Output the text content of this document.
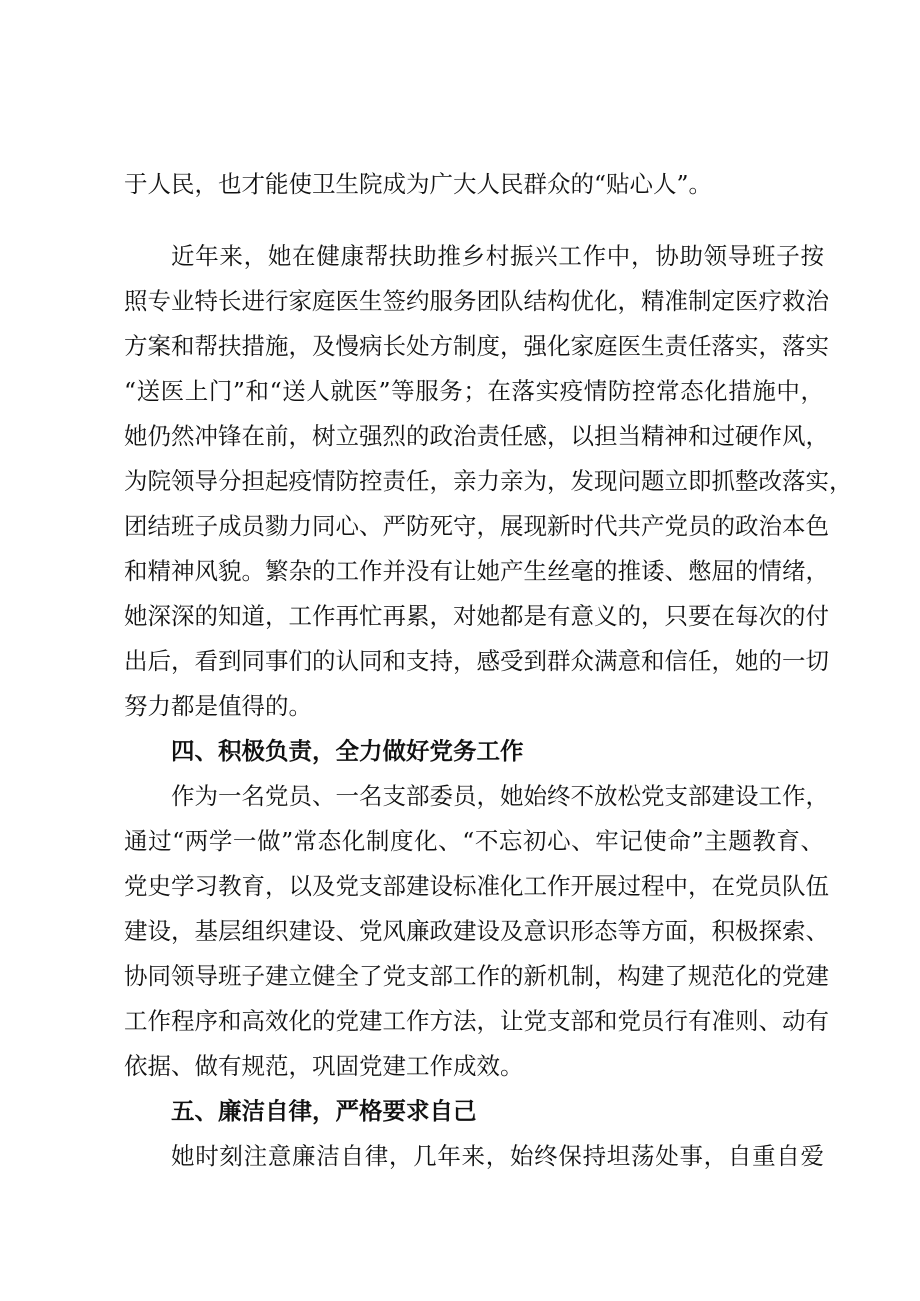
于人民，也才能使卫生院成为广大人民群众的“贴心人”。
近年来，她在健康帮扶助推乡村振兴工作中，协助领导班子按
照专业特长进行家庭医生签约服务团队结构优化，精准制定医疗救治
方案和帮扶措施，及慢病长处方制度，强化家庭医生责任落实，落实
“送医上门”和“送人就医”等服务；在落实疫情防控常态化措施中，
她仍然冲锋在前，树立强烈的政治责任感，以担当精神和过硬作风，
为院领导分担起疫情防控责任，亲力亲为，发现问题立即抓整改落实，
团结班子成员勠力同心、严防死守，展现新时代共产党员的政治本色
和精神风貌。繁杂的工作并没有让她产生丝毫的推诿、憋屈的情绪，
她深深的知道，工作再忙再累，对她都是有意义的，只要在每次的付
出后，看到同事们的认同和支持，感受到群众满意和信任，她的一切
努力都是值得的。
四、积极负责，全力做好党务工作
作为一名党员、一名支部委员，她始终不放松党支部建设工作，
通过“两学一做”常态化制度化、“不忘初心、牢记使命”主题教育、
党史学习教育，以及党支部建设标准化工作开展过程中，在党员队伍
建设，基层组织建设、党风廉政建设及意识形态等方面，积极探索、
协同领导班子建立健全了党支部工作的新机制，构建了规范化的党建
工作程序和高效化的党建工作方法，让党支部和党员行有准则、动有
依据、做有规范，巩固党建工作成效。
五、廉洁自律，严格要求自己
她时刻注意廉洁自律，几年来，始终保持坦荡处事，自重自爱
